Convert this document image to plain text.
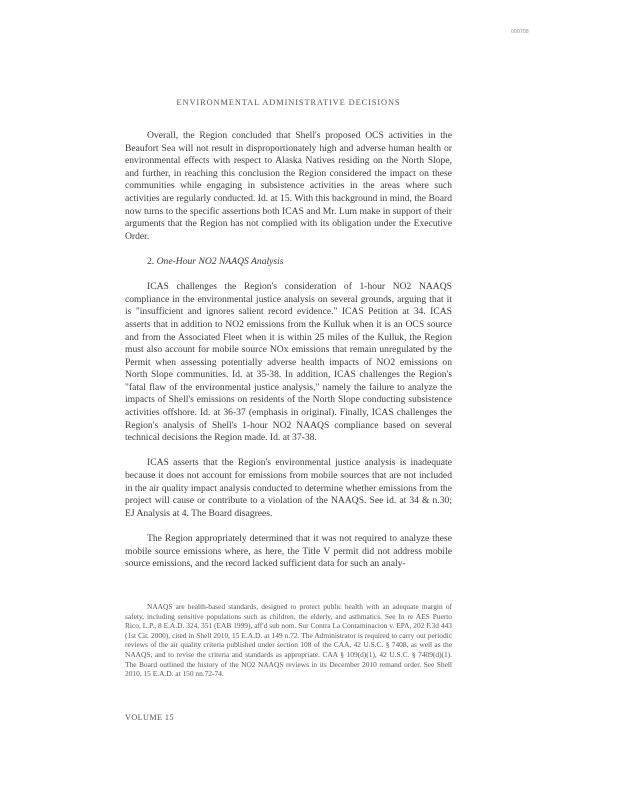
000708
ENVIRONMENTAL ADMINISTRATIVE DECISIONS

Overall, the Region concluded that Shell's proposed OCS activities in the Beaufort Sea will not result in disproportionately high and adverse human health or environmental effects with respect to Alaska Natives residing on the North Slope, and further, in reaching this conclusion the Region considered the impact on these communities while engaging in subsistence activities in the areas where such activities are regularly conducted. Id. at 15. With this background in mind, the Board now turns to the specific assertions both ICAS and Mr. Lum make in support of their arguments that the Region has not complied with its obligation under the Executive Order.

2. One-Hour NO2 NAAQS Analysis

ICAS challenges the Region's consideration of 1-hour NO2 NAAQS compliance in the environmental justice analysis on several grounds, arguing that it is "insufficient and ignores salient record evidence." ICAS Petition at 34. ICAS asserts that in addition to NO2 emissions from the Kulluk when it is an OCS source and from the Associated Fleet when it is within 25 miles of the Kulluk, the Region must also account for mobile source NOx emissions that remain unregulated by the Permit when assessing potentially adverse health impacts of NO2 emissions on North Slope communities. Id. at 35-38. In addition, ICAS challenges the Region's "fatal flaw of the environmental justice analysis," namely the failure to analyze the impacts of Shell's emissions on residents of the North Slope conducting subsistence activities offshore. Id. at 36-37 (emphasis in original). Finally, ICAS challenges the Region's analysis of Shell's 1-hour NO2 NAAQS compliance based on several technical decisions the Region made. Id. at 37-38.

ICAS asserts that the Region's environmental justice analysis is inadequate because it does not account for emissions from mobile sources that are not included in the air quality impact analysis conducted to determine whether emissions from the project will cause or contribute to a violation of the NAAQS. See id. at 34 & n.30; EJ Analysis at 4. The Board disagrees.

The Region appropriately determined that it was not required to analyze these mobile source emissions where, as here, the Title V permit did not address mobile source emissions, and the record lacked sufficient data for such an analy-

NAAQS are health-based standards, designed to protect public health with an adequate margin of safety, including sensitive populations such as children, the elderly, and asthmatics. See In re AES Puerto Rico, L.P., 8 E.A.D. 324, 351 (EAB 1999), aff'd sub nom. Sur Contra La Contaminacion v. EPA, 202 F.3d 443 (1st Cir. 2000), cited in Shell 2010, 15 E.A.D. at 149 n.72. The Administrator is required to carry out periodic reviews of the air quality criteria published under section 108 of the CAA, 42 U.S.C. § 7408, as well as the NAAQS, and to revise the criteria and standards as appropriate. CAA § 109(d)(1), 42 U.S.C. § 7409(d)(1). The Board outlined the history of the NO2 NAAQS reviews in its December 2010 remand order. See Shell 2010, 15 E.A.D. at 150 nn.72-74.

VOLUME 15
